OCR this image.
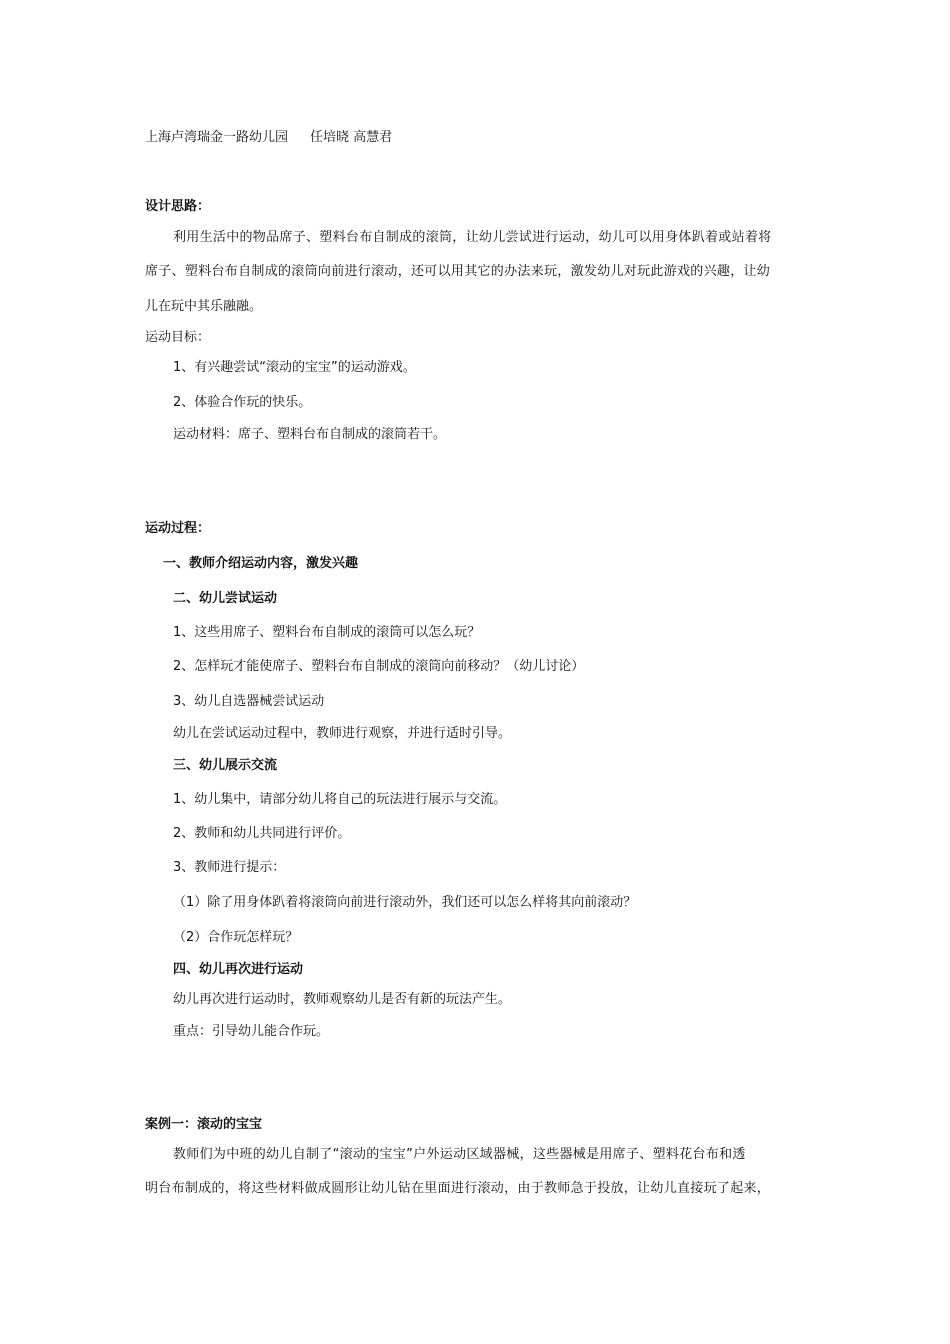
上海卢湾瑞金一路幼儿园 任培晓 高慧君
设计思路：
利用生活中的物品席子、塑料台布自制成的滚筒，让幼儿尝试进行运动，幼儿可以用身体趴着或站着将
席子、塑料台布自制成的滚筒向前进行滚动，还可以用其它的办法来玩，激发幼儿对玩此游戏的兴趣，让幼
儿在玩中其乐融融。
运动目标：
1、有兴趣尝试“滚动的宝宝”的运动游戏。
2、体验合作玩的快乐。
运动材料：席子、塑料台布自制成的滚筒若干。
运动过程：
一、教师介绍运动内容，激发兴趣
二、幼儿尝试运动
1、这些用席子、塑料台布自制成的滚筒可以怎么玩？
2、怎样玩才能使席子、塑料台布自制成的滚筒向前移动？（幼儿讨论）
3、幼儿自选器械尝试运动
幼儿在尝试运动过程中，教师进行观察，并进行适时引导。
三、幼儿展示交流
1、幼儿集中，请部分幼儿将自己的玩法进行展示与交流。
2、教师和幼儿共同进行评价。
3、教师进行提示：
（1）除了用身体趴着将滚筒向前进行滚动外，我们还可以怎么样将其向前滚动？
（2）合作玩怎样玩？
四、幼儿再次进行运动
幼儿再次进行运动时，教师观察幼儿是否有新的玩法产生。
重点：引导幼儿能合作玩。
案例一：滚动的宝宝
教师们为中班的幼儿自制了“滚动的宝宝”户外运动区域器械，这些器械是用席子、塑料花台布和透
明台布制成的，将这些材料做成圆形让幼儿钻在里面进行滚动，由于教师急于投放，让幼儿直接玩了起来，
